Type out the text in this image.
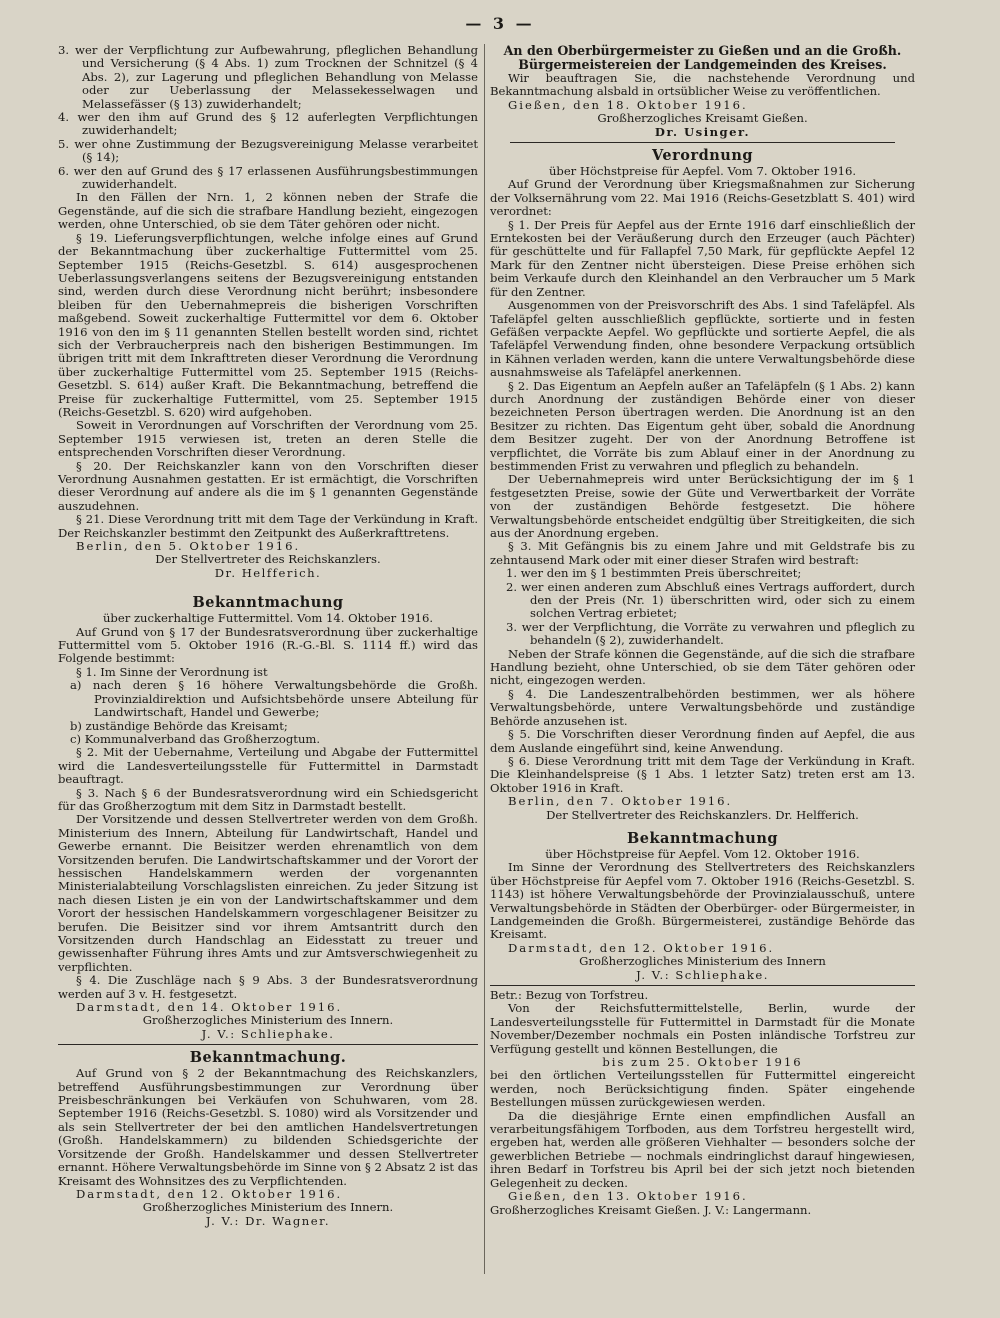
— 3 —

3. wer der Verpflichtung zur Aufbewahrung, pfleglichen Behandlung und Versicherung (§ 4 Abs. 1) zum Trocknen der Schnitzel (§ 4 Abs. 2), zur Lagerung und pfleglichen Behandlung von Melasse oder zur Ueberlassung der Melassekesselwagen und Melassefässer (§ 13) zuwiderhandelt;

4. wer den ihm auf Grund des § 12 auferlegten Verpflichtungen zuwiderhandelt;

5. wer ohne Zustimmung der Bezugsvereinigung Melasse verarbeitet (§ 14);

6. wer den auf Grund des § 17 erlassenen Ausführungsbestimmungen zuwiderhandelt.

In den Fällen der Nrn. 1, 2 können neben der Strafe die Gegenstände, auf die sich die strafbare Handlung bezieht, eingezogen werden, ohne Unterschied, ob sie dem Täter gehören oder nicht.

§ 19. Lieferungsverpflichtungen, welche infolge eines auf Grund der Bekanntmachung über zuckerhaltige Futtermittel vom 25. September 1915 (Reichs-Gesetzbl. S. 614) ausgesprochenen Ueberlassungsverlangens seitens der Bezugsvereinigung entstanden sind, werden durch diese Verordnung nicht berührt; insbesondere bleiben für den Uebernahmepreis die bisherigen Vorschriften maßgebend. Soweit zuckerhaltige Futtermittel vor dem 6. Oktober 1916 von den im § 11 genannten Stellen bestellt worden sind, richtet sich der Verbraucherpreis nach den bisherigen Bestimmungen. Im übrigen tritt mit dem Inkrafttreten dieser Verordnung die Verordnung über zuckerhaltige Futtermittel vom 25. September 1915 (Reichs-Gesetzbl. S. 614) außer Kraft. Die Bekanntmachung, betreffend die Preise für zuckerhaltige Futtermittel, vom 25. September 1915 (Reichs-Gesetzbl. S. 620) wird aufgehoben.

Soweit in Verordnungen auf Vorschriften der Verordnung vom 25. September 1915 verwiesen ist, treten an deren Stelle die entsprechenden Vorschriften dieser Verordnung.

§ 20. Der Reichskanzler kann von den Vorschriften dieser Verordnung Ausnahmen gestatten. Er ist ermächtigt, die Vorschriften dieser Verordnung auf andere als die im § 1 genannten Gegenstände auszudehnen.

§ 21. Diese Verordnung tritt mit dem Tage der Verkündung in Kraft. Der Reichskanzler bestimmt den Zeitpunkt des Außerkrafttretens.

Berlin, den 5. Oktober 1916.

Der Stellvertreter des Reichskanzlers.

Dr. Helfferich.

Bekanntmachung

über zuckerhaltige Futtermittel. Vom 14. Oktober 1916.

Auf Grund von § 17 der Bundesratsverordnung über zuckerhaltige Futtermittel vom 5. Oktober 1916 (R.-G.-Bl. S. 1114 ff.) wird das Folgende bestimmt:

§ 1. Im Sinne der Verordnung ist

a) nach deren § 16 höhere Verwaltungsbehörde die Großh. Provinzialdirektion und Aufsichtsbehörde unsere Abteilung für Landwirtschaft, Handel und Gewerbe;

b) zuständige Behörde das Kreisamt;

c) Kommunalverband das Großherzogtum.

§ 2. Mit der Uebernahme, Verteilung und Abgabe der Futtermittel wird die Landesverteilungsstelle für Futtermittel in Darmstadt beauftragt.

§ 3. Nach § 6 der Bundesratsverordnung wird ein Schiedsgericht für das Großherzogtum mit dem Sitz in Darmstadt bestellt.

Der Vorsitzende und dessen Stellvertreter werden von dem Großh. Ministerium des Innern, Abteilung für Landwirtschaft, Handel und Gewerbe ernannt. Die Beisitzer werden ehrenamtlich von dem Vorsitzenden berufen. Die Landwirtschaftskammer und der Vorort der hessischen Handelskammern werden der vorgenannten Ministerialabteilung Vorschlagslisten einreichen. Zu jeder Sitzung ist nach diesen Listen je ein von der Landwirtschaftskammer und dem Vorort der hessischen Handelskammern vorgeschlagener Beisitzer zu berufen. Die Beisitzer sind vor ihrem Amtsantritt durch den Vorsitzenden durch Handschlag an Eidesstatt zu treuer und gewissenhafter Führung ihres Amts und zur Amtsverschwiegenheit zu verpflichten.

§ 4. Die Zuschläge nach § 9 Abs. 3 der Bundesratsverordnung werden auf 3 v. H. festgesetzt.

Darmstadt, den 14. Oktober 1916.

Großherzogliches Ministerium des Innern.

J. V.: Schliephake.

Bekanntmachung.

Auf Grund von § 2 der Bekanntmachung des Reichskanzlers, betreffend Ausführungsbestimmungen zur Verordnung über Preisbeschränkungen bei Verkäufen von Schuhwaren, vom 28. September 1916 (Reichs-Gesetzbl. S. 1080) wird als Vorsitzender und als sein Stellvertreter der bei den amtlichen Handelsvertretungen (Großh. Handelskammern) zu bildenden Schiedsgerichte der Vorsitzende der Großh. Handelskammer und dessen Stellvertreter ernannt. Höhere Verwaltungsbehörde im Sinne von § 2 Absatz 2 ist das Kreisamt des Wohnsitzes des zu Verpflichtenden.

Darmstadt, den 12. Oktober 1916.

Großherzogliches Ministerium des Innern.

J. V.: Dr. Wagner.

An den Oberbürgermeister zu Gießen und an die Großh. Bürgermeistereien der Landgemeinden des Kreises.

Wir beauftragen Sie, die nachstehende Verordnung und Bekanntmachung alsbald in ortsüblicher Weise zu veröffentlichen.

Gießen, den 18. Oktober 1916.

Großherzogliches Kreisamt Gießen.

Dr. Usinger.

Verordnung

über Höchstpreise für Aepfel. Vom 7. Oktober 1916.

Auf Grund der Verordnung über Kriegsmaßnahmen zur Sicherung der Volksernährung vom 22. Mai 1916 (Reichs-Gesetzblatt S. 401) wird verordnet:

§ 1. Der Preis für Aepfel aus der Ernte 1916 darf einschließlich der Erntekosten bei der Veräußerung durch den Erzeuger (auch Pächter) für geschüttelte und für Fallapfel 7,50 Mark, für gepflückte Aepfel 12 Mark für den Zentner nicht übersteigen. Diese Preise erhöhen sich beim Verkaufe durch den Kleinhandel an den Verbraucher um 5 Mark für den Zentner.

Ausgenommen von der Preisvorschrift des Abs. 1 sind Tafeläpfel. Als Tafeläpfel gelten ausschließlich gepflückte, sortierte und in festen Gefäßen verpackte Aepfel. Wo gepflückte und sortierte Aepfel, die als Tafeläpfel Verwendung finden, ohne besondere Verpackung ortsüblich in Kähnen verladen werden, kann die untere Verwaltungsbehörde diese ausnahmsweise als Tafeläpfel anerkennen.

§ 2. Das Eigentum an Aepfeln außer an Tafeläpfeln (§ 1 Abs. 2) kann durch Anordnung der zuständigen Behörde einer von dieser bezeichneten Person übertragen werden. Die Anordnung ist an den Besitzer zu richten. Das Eigentum geht über, sobald die Anordnung dem Besitzer zugeht. Der von der Anordnung Betroffene ist verpflichtet, die Vorräte bis zum Ablauf einer in der Anordnung zu bestimmenden Frist zu verwahren und pfleglich zu behandeln.

Der Uebernahmepreis wird unter Berücksichtigung der im § 1 festgesetzten Preise, sowie der Güte und Verwertbarkeit der Vorräte von der zuständigen Behörde festgesetzt. Die höhere Verwaltungsbehörde entscheidet endgültig über Streitigkeiten, die sich aus der Anordnung ergeben.

§ 3. Mit Gefängnis bis zu einem Jahre und mit Geldstrafe bis zu zehntausend Mark oder mit einer dieser Strafen wird bestraft:

1. wer den im § 1 bestimmten Preis überschreitet;

2. wer einen anderen zum Abschluß eines Vertrags auffordert, durch den der Preis (Nr. 1) überschritten wird, oder sich zu einem solchen Vertrag erbietet;

3. wer der Verpflichtung, die Vorräte zu verwahren und pfleglich zu behandeln (§ 2), zuwiderhandelt.

Neben der Strafe können die Gegenstände, auf die sich die strafbare Handlung bezieht, ohne Unterschied, ob sie dem Täter gehören oder nicht, eingezogen werden.

§ 4. Die Landeszentralbehörden bestimmen, wer als höhere Verwaltungsbehörde, untere Verwaltungsbehörde und zuständige Behörde anzusehen ist.

§ 5. Die Vorschriften dieser Verordnung finden auf Aepfel, die aus dem Auslande eingeführt sind, keine Anwendung.

§ 6. Diese Verordnung tritt mit dem Tage der Verkündung in Kraft. Die Kleinhandelspreise (§ 1 Abs. 1 letzter Satz) treten erst am 13. Oktober 1916 in Kraft.

Berlin, den 7. Oktober 1916.

Der Stellvertreter des Reichskanzlers. Dr. Helfferich.

Bekanntmachung

über Höchstpreise für Aepfel. Vom 12. Oktober 1916.

Im Sinne der Verordnung des Stellvertreters des Reichskanzlers über Höchstpreise für Aepfel vom 7. Oktober 1916 (Reichs-Gesetzbl. S. 1143) ist höhere Verwaltungsbehörde der Provinzialausschuß, untere Verwaltungsbehörde in Städten der Oberbürger- oder Bürgermeister, in Landgemeinden die Großh. Bürgermeisterei, zuständige Behörde das Kreisamt.

Darmstadt, den 12. Oktober 1916.

Großherzogliches Ministerium des Innern

J. V.: Schliephake.

Betr.: Bezug von Torfstreu.

Von der Reichsfuttermittelstelle, Berlin, wurde der Landesverteilungsstelle für Futtermittel in Darmstadt für die Monate November/Dezember nochmals ein Posten inländische Torfstreu zur Verfügung gestellt und können Bestellungen, die

bis zum 25. Oktober 1916

bei den örtlichen Verteilungsstellen für Futtermittel eingereicht werden, noch Berücksichtigung finden. Später eingehende Bestellungen müssen zurückgewiesen werden.

Da die diesjährige Ernte einen empfindlichen Ausfall an verarbeitungsfähigem Torfboden, aus dem Torfstreu hergestellt wird, ergeben hat, werden alle größeren Viehhalter — besonders solche der gewerblichen Betriebe — nochmals eindringlichst darauf hingewiesen, ihren Bedarf in Torfstreu bis April bei der sich jetzt noch bietenden Gelegenheit zu decken.

Gießen, den 13. Oktober 1916.

Großherzogliches Kreisamt Gießen. J. V.: Langermann.
